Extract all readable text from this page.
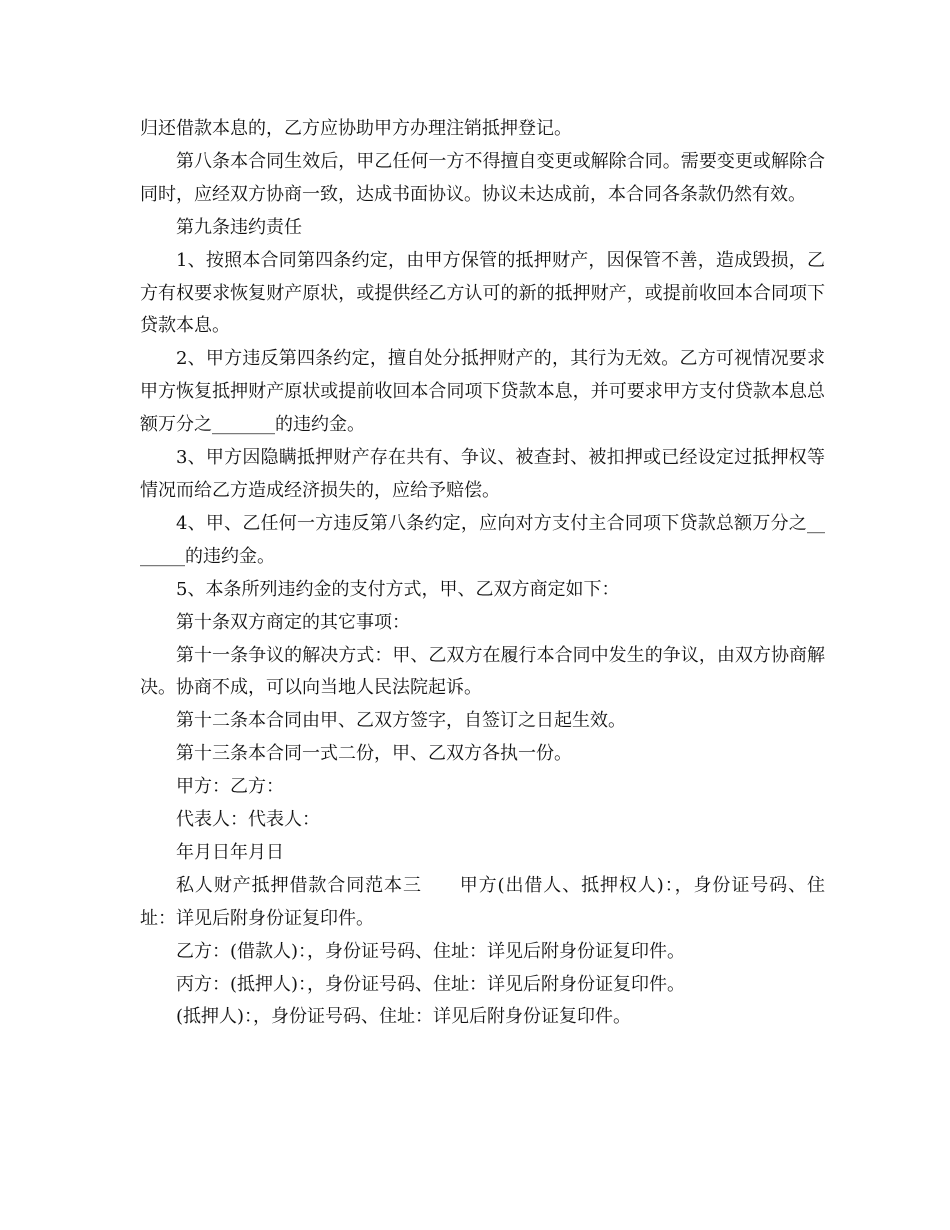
归还借款本息的，乙方应协助甲方办理注销抵押登记。

第八条本合同生效后，甲乙任何一方不得擅自变更或解除合同。需要变更或解除合同时，应经双方协商一致，达成书面协议。协议未达成前，本合同各条款仍然有效。

第九条违约责任

1、按照本合同第四条约定，由甲方保管的抵押财产，因保管不善，造成毁损，乙方有权要求恢复财产原状，或提供经乙方认可的新的抵押财产，或提前收回本合同项下贷款本息。

2、甲方违反第四条约定，擅自处分抵押财产的，其行为无效。乙方可视情况要求甲方恢复抵押财产原状或提前收回本合同项下贷款本息，并可要求甲方支付贷款本息总额万分之_______的违约金。

3、甲方因隐瞒抵押财产存在共有、争议、被查封、被扣押或已经设定过抵押权等情况而给乙方造成经济损失的，应给予赔偿。

4、甲、乙任何一方违反第八条约定，应向对方支付主合同项下贷款总额万分之_______的违约金。

5、本条所列违约金的支付方式，甲、乙双方商定如下：

第十条双方商定的其它事项：

第十一条争议的解决方式：甲、乙双方在履行本合同中发生的争议，由双方协商解决。协商不成，可以向当地人民法院起诉。

第十二条本合同由甲、乙双方签字，自签订之日起生效。

第十三条本合同一式二份，甲、乙双方各执一份。

甲方：乙方：

代表人：代表人：

年月日年月日

私人财产抵押借款合同范本三　　甲方(出借人、抵押权人)：，身份证号码、住址：详见后附身份证复印件。

乙方：(借款人)：，身份证号码、住址：详见后附身份证复印件。

丙方：(抵押人)：，身份证号码、住址：详见后附身份证复印件。

(抵押人)：，身份证号码、住址：详见后附身份证复印件。
